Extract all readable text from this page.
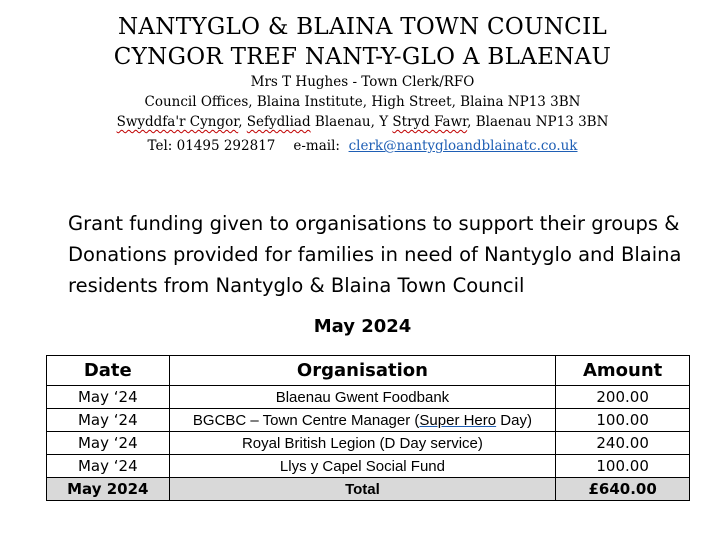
NANTYGLO & BLAINA TOWN COUNCIL
CYNGOR TREF NANT-Y-GLO A BLAENAU
Mrs T Hughes - Town Clerk/RFO
Council Offices, Blaina Institute, High Street, Blaina NP13 3BN
Swyddfa'r Cyngor, Sefydliad Blaenau, Y Stryd Fawr, Blaenau NP13 3BN
Tel: 01495 292817 e-mail: clerk@nantygloandblainatc.co.uk
Grant funding given to organisations to support their groups & Donations provided for families in need of Nantyglo and Blaina residents from Nantyglo & Blaina Town Council
May 2024
Date	Organisation	Amount
May ‘24	Blaenau Gwent Foodbank	200.00
May ‘24	BGCBC – Town Centre Manager (Super Hero Day)	100.00
May ‘24	Royal British Legion (D Day service)	240.00
May ‘24	Llys y Capel Social Fund	100.00
May 2024	Total	£640.00
